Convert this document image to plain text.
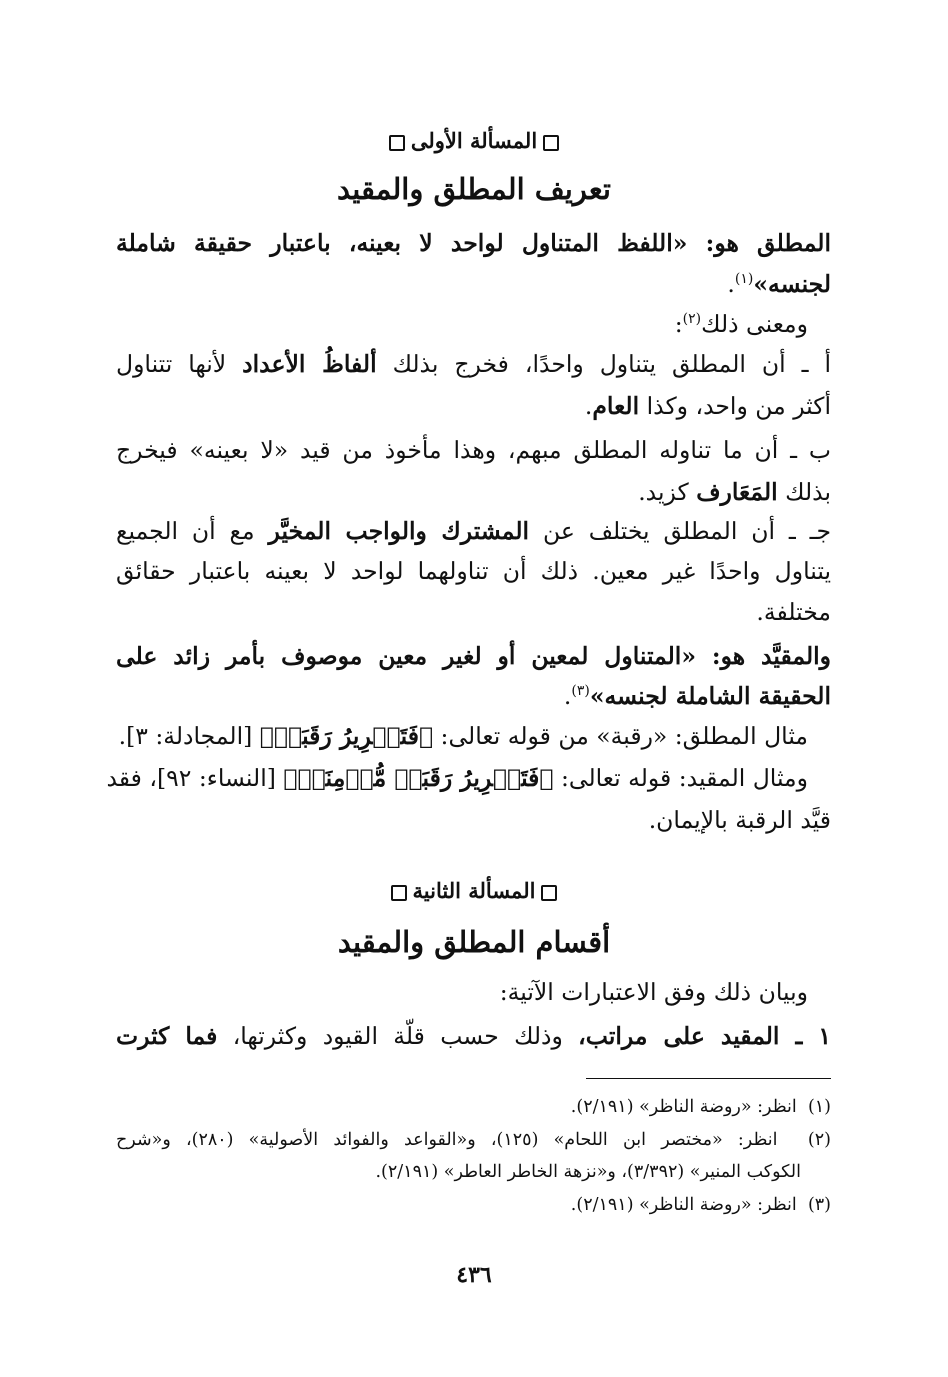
المسألة الأولى
تعريف المطلق والمقيد
المطلق هو: «اللفظ المتناول لواحد لا بعينه، باعتبار حقيقة شاملة
لجنسه»$^{(١)}$.
ومعنى ذلك$^{(٢)}$:
أ ـ أن المطلق يتناول واحدًا، فخرج بذلك ألفاظُ الأعداد لأنها تتناول
أكثر من واحد، وكذا العام.
ب ـ أن ما تناوله المطلق مبهم، وهذا مأخوذ من قيد «لا بعينه» فيخرج
بذلك المَعَارف كزيد.
جـ ـ أن المطلق يختلف عن المشترك والواجب المخيَّر مع أن الجميع
يتناول واحدًا غير معين. ذلك أن تناولهما لواحد لا بعينه باعتبار حقائق
مختلفة.
والمقيَّد هو: «المتناول لمعين أو لغير معين موصوف بأمر زائد على
الحقيقة الشاملة لجنسه»$^{(٣)}$.
مثال المطلق: «رقبة» من قوله تعالى: ﴿فَتَحۡرِيرُ رَقَبَةٖ﴾ [المجادلة: ٣].
ومثال المقيد: قوله تعالى: ﴿فَتَحۡرِيرُ رَقَبَةٖ مُّؤۡمِنَةٖ﴾ [النساء: ٩٢]، فقد
قيَّد الرقبة بالإيمان.
المسألة الثانية
أقسام المطلق والمقيد
وبيان ذلك وفق الاعتبارات الآتية:
١ ـ المقيد على مراتب، وذلك حسب قلّة القيود وكثرتها، فما كثرت
(١)  انظر: «روضة الناظر» (٢/١٩١).
(٢)  انظر: «مختصر ابن اللحام» (١٢٥)، و«القواعد والفوائد الأصولية» (٢٨٠)، و«شرح
الكوكب المنير» (٣/٣٩٢)، و«نزهة الخاطر العاطر» (٢/١٩١).
(٣)  انظر: «روضة الناظر» (٢/١٩١).
٤٣٦
